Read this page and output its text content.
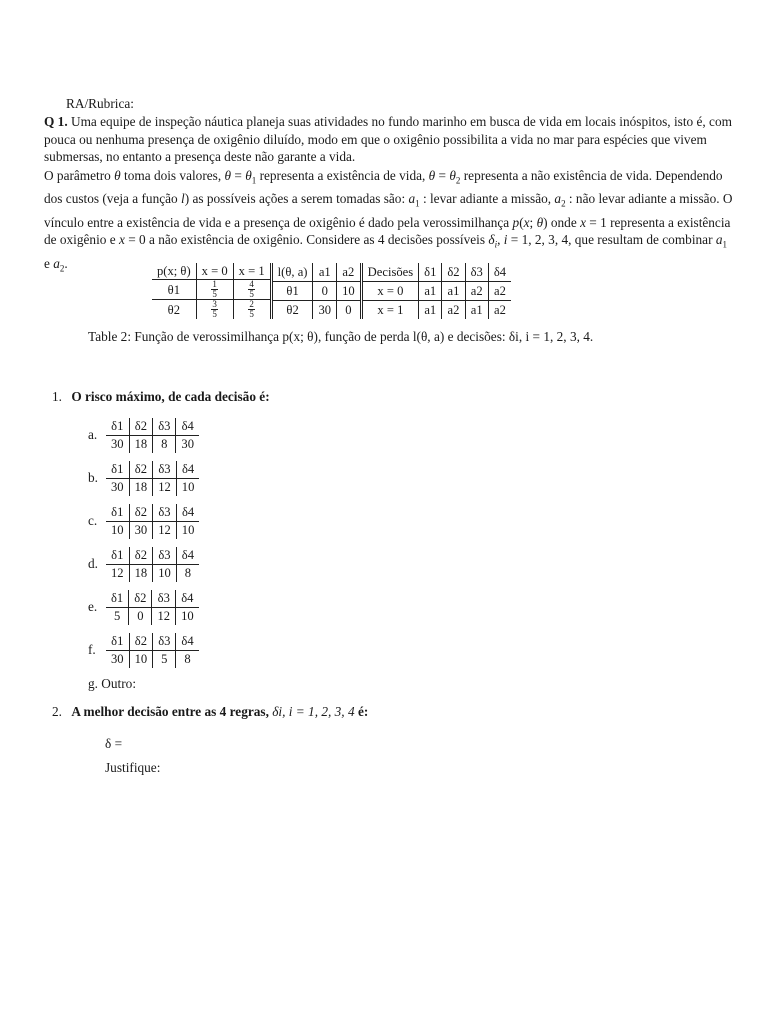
RA/Rubrica:

Q 1. Uma equipe de inspeção náutica planeja suas atividades no fundo marinho em busca de vida em locais inóspitos, isto é, com pouca ou nenhuma presença de oxigênio diluído, modo em que o oxigênio possibilita a vida no mar para espécies que vivem submersas, no entanto a presença deste não garante a vida.

O parâmetro θ toma dois valores, $\theta = \theta_1$ representa a existência de vida, $\theta = \theta_2$ representa a não existência de vida. Dependendo dos custos (veja a função l) as possíveis ações a serem tomadas são: $a_1$ : levar adiante a missão, $a_2$ : não levar adiante a missão. O vínculo entre a existência de vida e a presença de oxigênio é dado pela verossimilhança p(x; θ) onde x = 1 representa a existência de oxigênio e x = 0 a não existência de oxigênio. Considere as 4 decisões possíveis $\delta_i$, i = 1, 2, 3, 4, que resultam de combinar $a_1$ e $a_2$.

p(x; θ)	x = 0	x = 1
θ1	$\frac{1}{5}$	$\frac{4}{5}$

θ2	$\frac{3}{5}$	$\frac{2}{5}$
l(θ, a)	a1	a2
θ1	0	10
θ2	30	0
Decisões	δ1	δ2	δ3	δ4
x = 0	a1	a1	a2	a2
x = 1	a1	a2	a1	a2
Table 2: Função de verossimilhança p(x; θ), função de perda l(θ, a) e decisões: δi, i = 1, 2, 3, 4.
1. O risco máximo, de cada decisão é:
a.
δ1	δ2	δ3	δ4
30	18	8	30
b.
δ1	δ2	δ3	δ4
30	18	12	10
c.
δ1	δ2	δ3	δ4
10	30	12	10
d.
δ1	δ2	δ3	δ4
12	18	10	8
e.
δ1	δ2	δ3	δ4
5	0	12	10
f.
δ1	δ2	δ3	δ4
30	10	5	8
g. Outro:
2. A melhor decisão entre as 4 regras, δi, i = 1, 2, 3, 4 é:
δ =
Justifique:
